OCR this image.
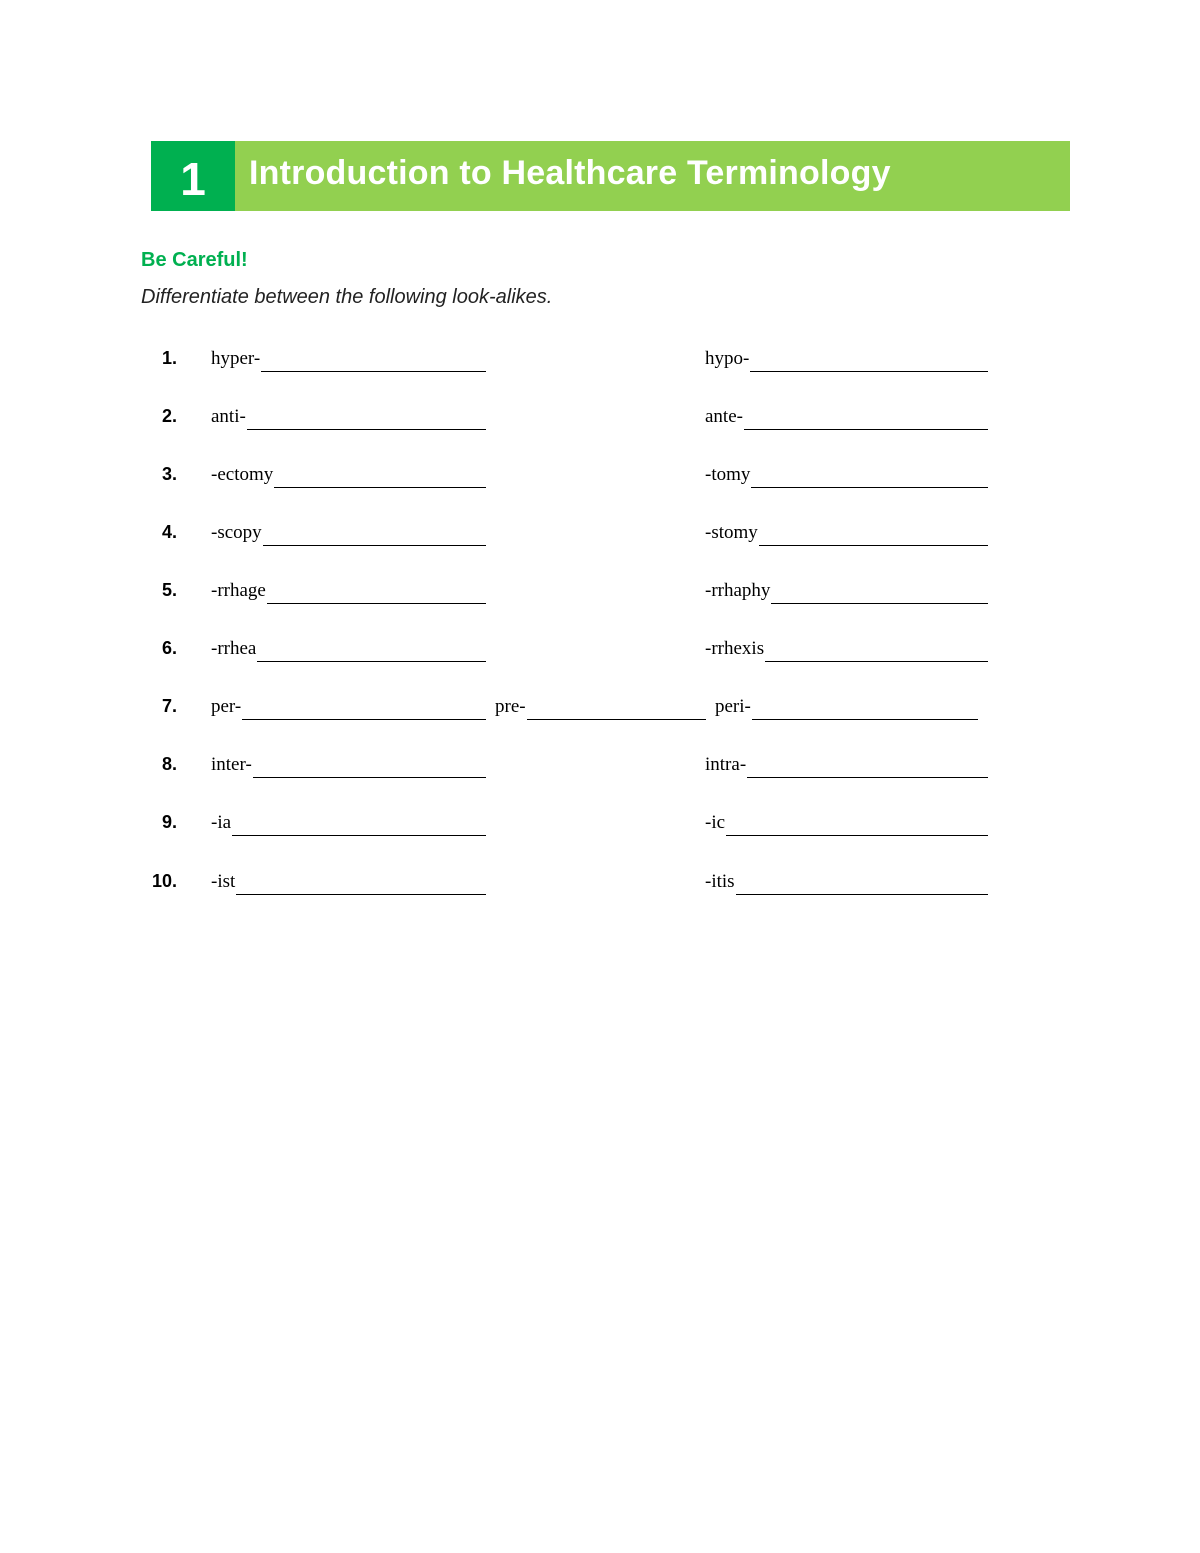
1	Introduction to Healthcare Terminology
Be Careful!

Differentiate between the following look-alikes.

1. hyper-	hypo-
2. anti-	ante-
3. -ectomy	-tomy
4. -scopy	-stomy
5. -rrhage	-rrhaphy
6. -rrhea	-rrhexis
7. per-	pre-	peri-
8. inter-	intra-
9. -ia	-ic
10. -ist	-itis
